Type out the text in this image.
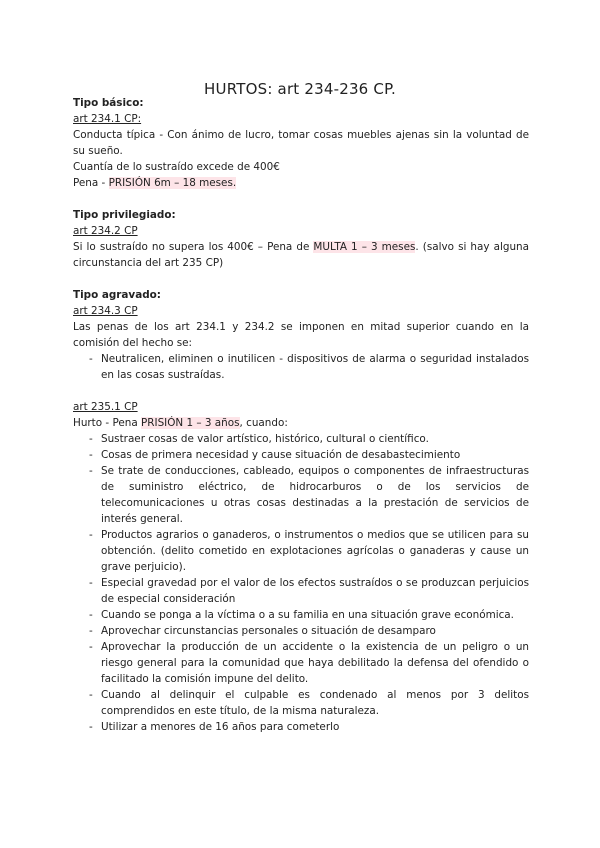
HURTOS: art 234-236 CP.

Tipo básico:

art 234.1 CP:

Conducta típica - Con ánimo de lucro, tomar cosas muebles ajenas sin la voluntad de su sueño.

Cuantía de lo sustraído excede de 400€

Pena - PRISIÓN 6m – 18 meses.

Tipo privilegiado:

art 234.2 CP

Si lo sustraído no supera los 400€ – Pena de MULTA 1 – 3 meses. (salvo si hay alguna circunstancia del art 235 CP)

Tipo agravado:

art 234.3 CP

Las penas de los art 234.1 y 234.2 se imponen en mitad superior cuando en la comisión del hecho se:

- Neutralicen, eliminen o inutilicen - dispositivos de alarma o seguridad instalados en las cosas sustraídas.

art 235.1 CP

Hurto - Pena PRISIÓN 1 – 3 años, cuando:

- Sustraer cosas de valor artístico, histórico, cultural o científico.
- Cosas de primera necesidad y cause situación de desabastecimiento
- Se trate de conducciones, cableado, equipos o componentes de infraestructuras de suministro eléctrico, de hidrocarburos o de los servicios de telecomunicaciones u otras cosas destinadas a la prestación de servicios de interés general.
- Productos agrarios o ganaderos, o instrumentos o medios que se utilicen para su obtención. (delito cometido en explotaciones agrícolas o ganaderas y cause un grave perjuicio).
- Especial gravedad por el valor de los efectos sustraídos o se produzcan perjuicios de especial consideración
- Cuando se ponga a la víctima o a su familia en una situación grave económica.
- Aprovechar circunstancias personales o situación de desamparo
- Aprovechar la producción de un accidente o la existencia de un peligro o un riesgo general para la comunidad que haya debilitado la defensa del ofendido o facilitado la comisión impune del delito.
- Cuando al delinquir el culpable es condenado al menos por 3 delitos comprendidos en este título, de la misma naturaleza.
- Utilizar a menores de 16 años para cometerlo
